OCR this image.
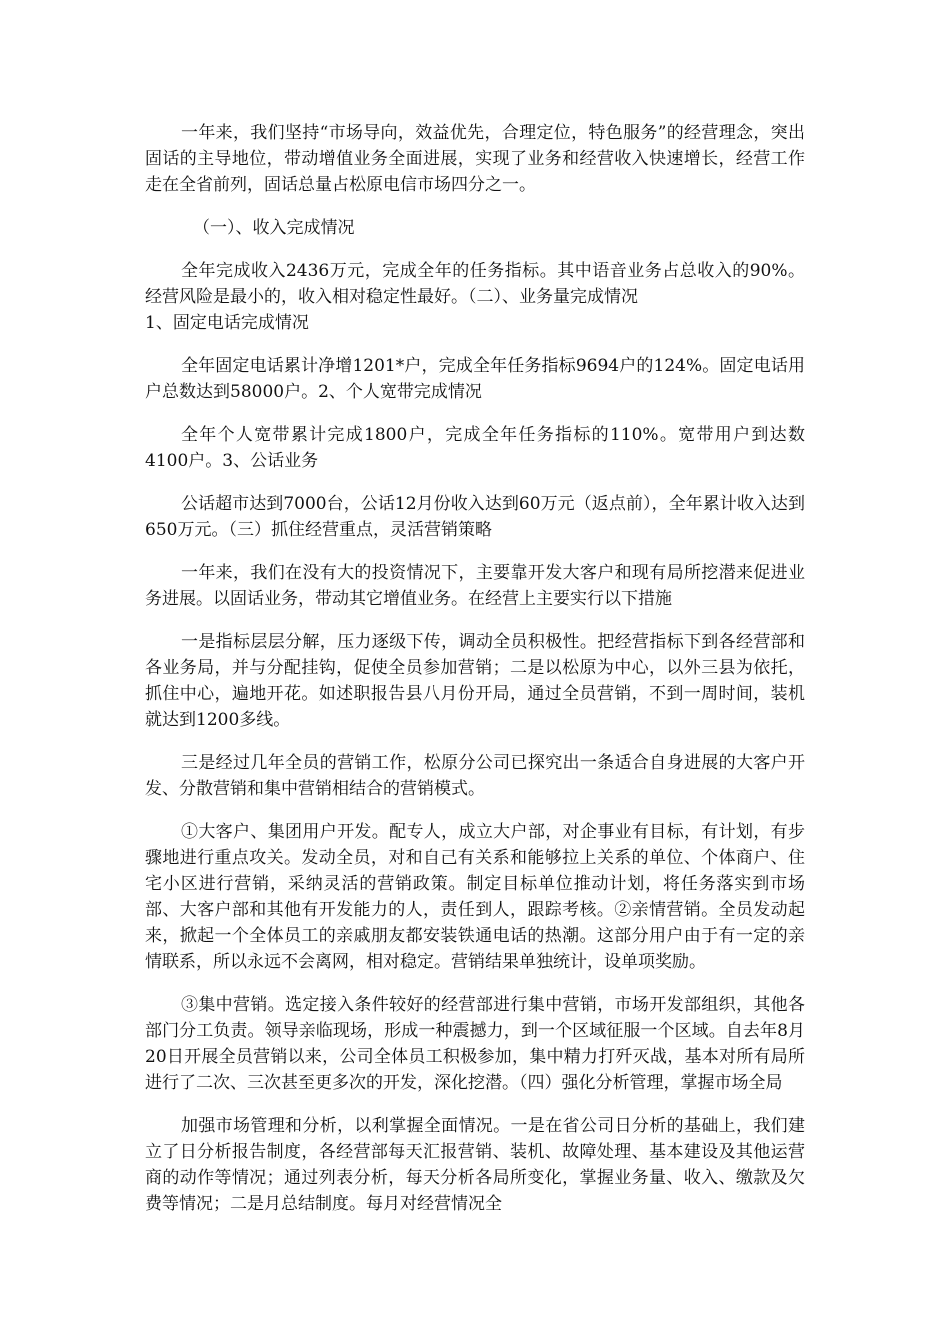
一年来，我们坚持“市场导向，效益优先，合理定位，特色服务”的经营理念，突出固话的主导地位，带动增值业务全面进展，实现了业务和经营收入快速增长，经营工作走在全省前列，固话总量占松原电信市场四分之一。

（一）、收入完成情况

全年完成收入2436万元，完成全年的任务指标。其中语音业务占总收入的90%。经营风险是最小的，收入相对稳定性最好。（二）、业务量完成情况
1、固定电话完成情况

全年固定电话累计净增1201*户，完成全年任务指标9694户的124%。固定电话用户总数达到58000户。2、个人宽带完成情况

全年个人宽带累计完成1800户，完成全年任务指标的110%。宽带用户到达数4100户。3、公话业务

公话超市达到7000台，公话12月份收入达到60万元（返点前），全年累计收入达到650万元。（三）抓住经营重点，灵活营销策略

一年来，我们在没有大的投资情况下，主要靠开发大客户和现有局所挖潜来促进业务进展。以固话业务，带动其它增值业务。在经营上主要实行以下措施

一是指标层层分解，压力逐级下传，调动全员积极性。把经营指标下到各经营部和各业务局，并与分配挂钩，促使全员参加营销；二是以松原为中心，以外三县为依托，抓住中心，遍地开花。如述职报告县八月份开局，通过全员营销，不到一周时间，装机就达到1200多线。

三是经过几年全员的营销工作，松原分公司已探究出一条适合自身进展的大客户开发、分散营销和集中营销相结合的营销模式。

①大客户、集团用户开发。配专人，成立大户部，对企事业有目标，有计划，有步骤地进行重点攻关。发动全员，对和自己有关系和能够拉上关系的单位、个体商户、住宅小区进行营销，采纳灵活的营销政策。制定目标单位推动计划，将任务落实到市场部、大客户部和其他有开发能力的人，责任到人，跟踪考核。②亲情营销。全员发动起来，掀起一个全体员工的亲戚朋友都安装铁通电话的热潮。这部分用户由于有一定的亲情联系，所以永远不会离网，相对稳定。营销结果单独统计，设单项奖励。

③集中营销。选定接入条件较好的经营部进行集中营销，市场开发部组织，其他各部门分工负责。领导亲临现场，形成一种震撼力，到一个区域征服一个区域。自去年8月20日开展全员营销以来，公司全体员工积极参加，集中精力打歼灭战，基本对所有局所进行了二次、三次甚至更多次的开发，深化挖潜。（四）强化分析管理，掌握市场全局

加强市场管理和分析，以利掌握全面情况。一是在省公司日分析的基础上，我们建立了日分析报告制度，各经营部每天汇报营销、装机、故障处理、基本建设及其他运营商的动作等情况；通过列表分析，每天分析各局所变化，掌握业务量、收入、缴款及欠费等情况；二是月总结制度。每月对经营情况全
